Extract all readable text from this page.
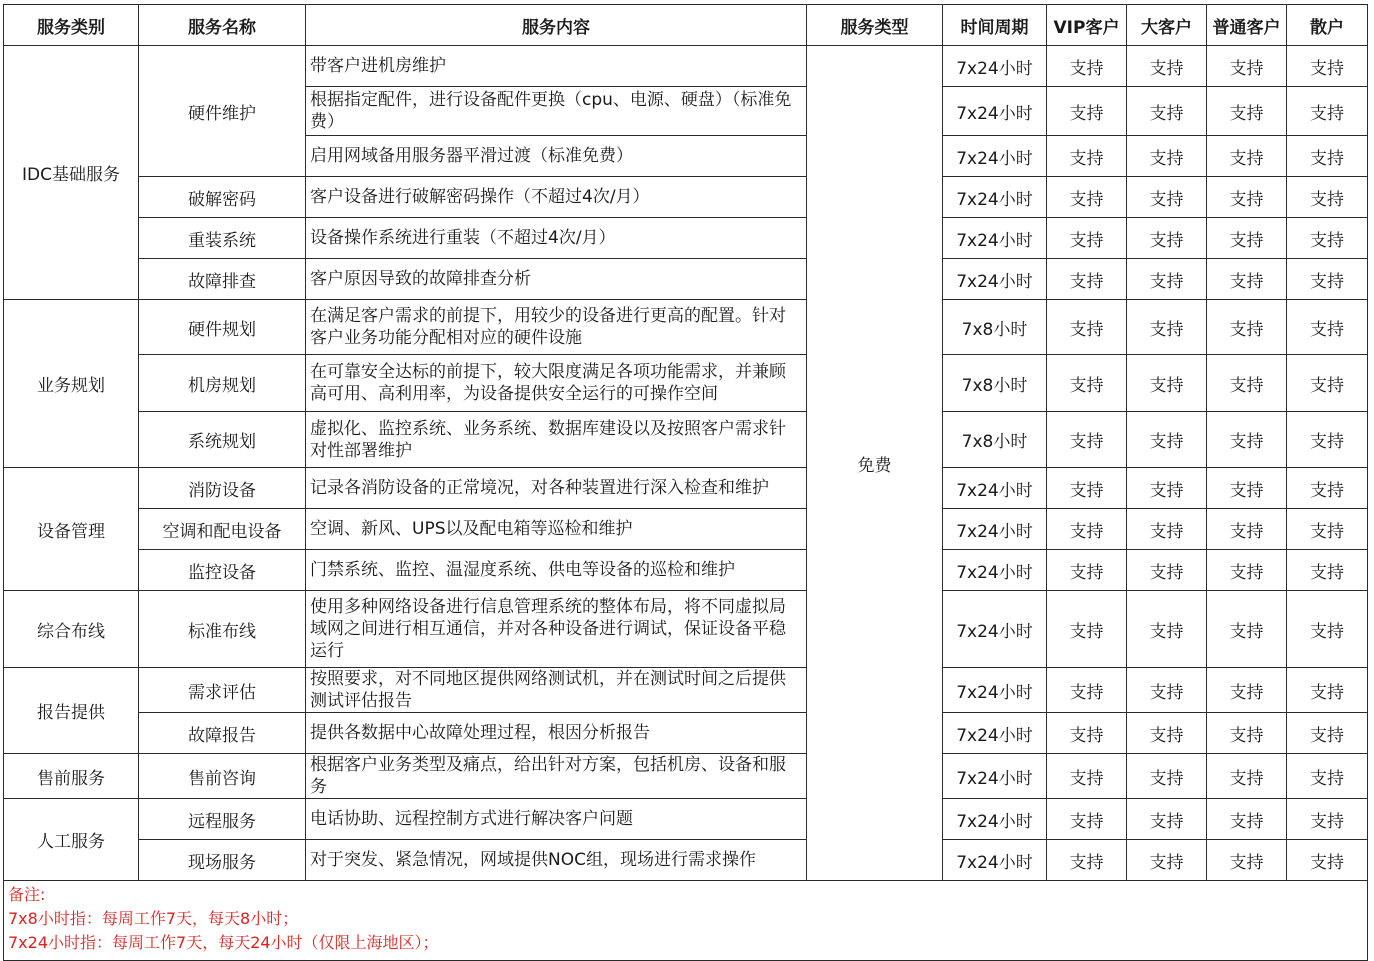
服务类别	服务名称	服务内容	服务类型	时间周期	VIP客户	大客户	普通客户	散户
IDC基础服务	硬件维护	带客户进机房维护	免费	7x24小时	支持	支持	支持	支持
		根据指定配件，进行设备配件更换（cpu、电源、硬盘）（标准免费）		7x24小时	支持	支持	支持	支持
		启用网域备用服务器平滑过渡（标准免费）		7x24小时	支持	支持	支持	支持
	破解密码	客户设备进行破解密码操作（不超过4次/月）		7x24小时	支持	支持	支持	支持
	重装系统	设备操作系统进行重装（不超过4次/月）		7x24小时	支持	支持	支持	支持
	故障排查	客户原因导致的故障排查分析		7x24小时	支持	支持	支持	支持
业务规划	硬件规划	在满足客户需求的前提下，用较少的设备进行更高的配置。针对客户业务功能分配相对应的硬件设施		7x8小时	支持	支持	支持	支持
	机房规划	在可靠安全达标的前提下，较大限度满足各项功能需求，并兼顾高可用、高利用率，为设备提供安全运行的可操作空间		7x8小时	支持	支持	支持	支持
	系统规划	虚拟化、监控系统、业务系统、数据库建设以及按照客户需求针对性部署维护		7x8小时	支持	支持	支持	支持
设备管理	消防设备	记录各消防设备的正常境况，对各种装置进行深入检查和维护		7x24小时	支持	支持	支持	支持
	空调和配电设备	空调、新风、UPS以及配电箱等巡检和维护		7x24小时	支持	支持	支持	支持
	监控设备	门禁系统、监控、温湿度系统、供电等设备的巡检和维护		7x24小时	支持	支持	支持	支持
综合布线	标准布线	使用多种网络设备进行信息管理系统的整体布局，将不同虚拟局域网之间进行相互通信，并对各种设备进行调试，保证设备平稳运行		7x24小时	支持	支持	支持	支持
报告提供	需求评估	按照要求，对不同地区提供网络测试机，并在测试时间之后提供测试评估报告		7x24小时	支持	支持	支持	支持
	故障报告	提供各数据中心故障处理过程，根因分析报告		7x24小时	支持	支持	支持	支持
售前服务	售前咨询	根据客户业务类型及痛点，给出针对方案，包括机房、设备和服务		7x24小时	支持	支持	支持	支持
人工服务	远程服务	电话协助、远程控制方式进行解决客户问题		7x24小时	支持	支持	支持	支持
	现场服务	对于突发、紧急情况，网域提供NOC组，现场进行需求操作		7x24小时	支持	支持	支持	支持

备注:
7x8小时指：每周工作7天，每天8小时；
7x24小时指：每周工作7天，每天24小时（仅限上海地区）；								
